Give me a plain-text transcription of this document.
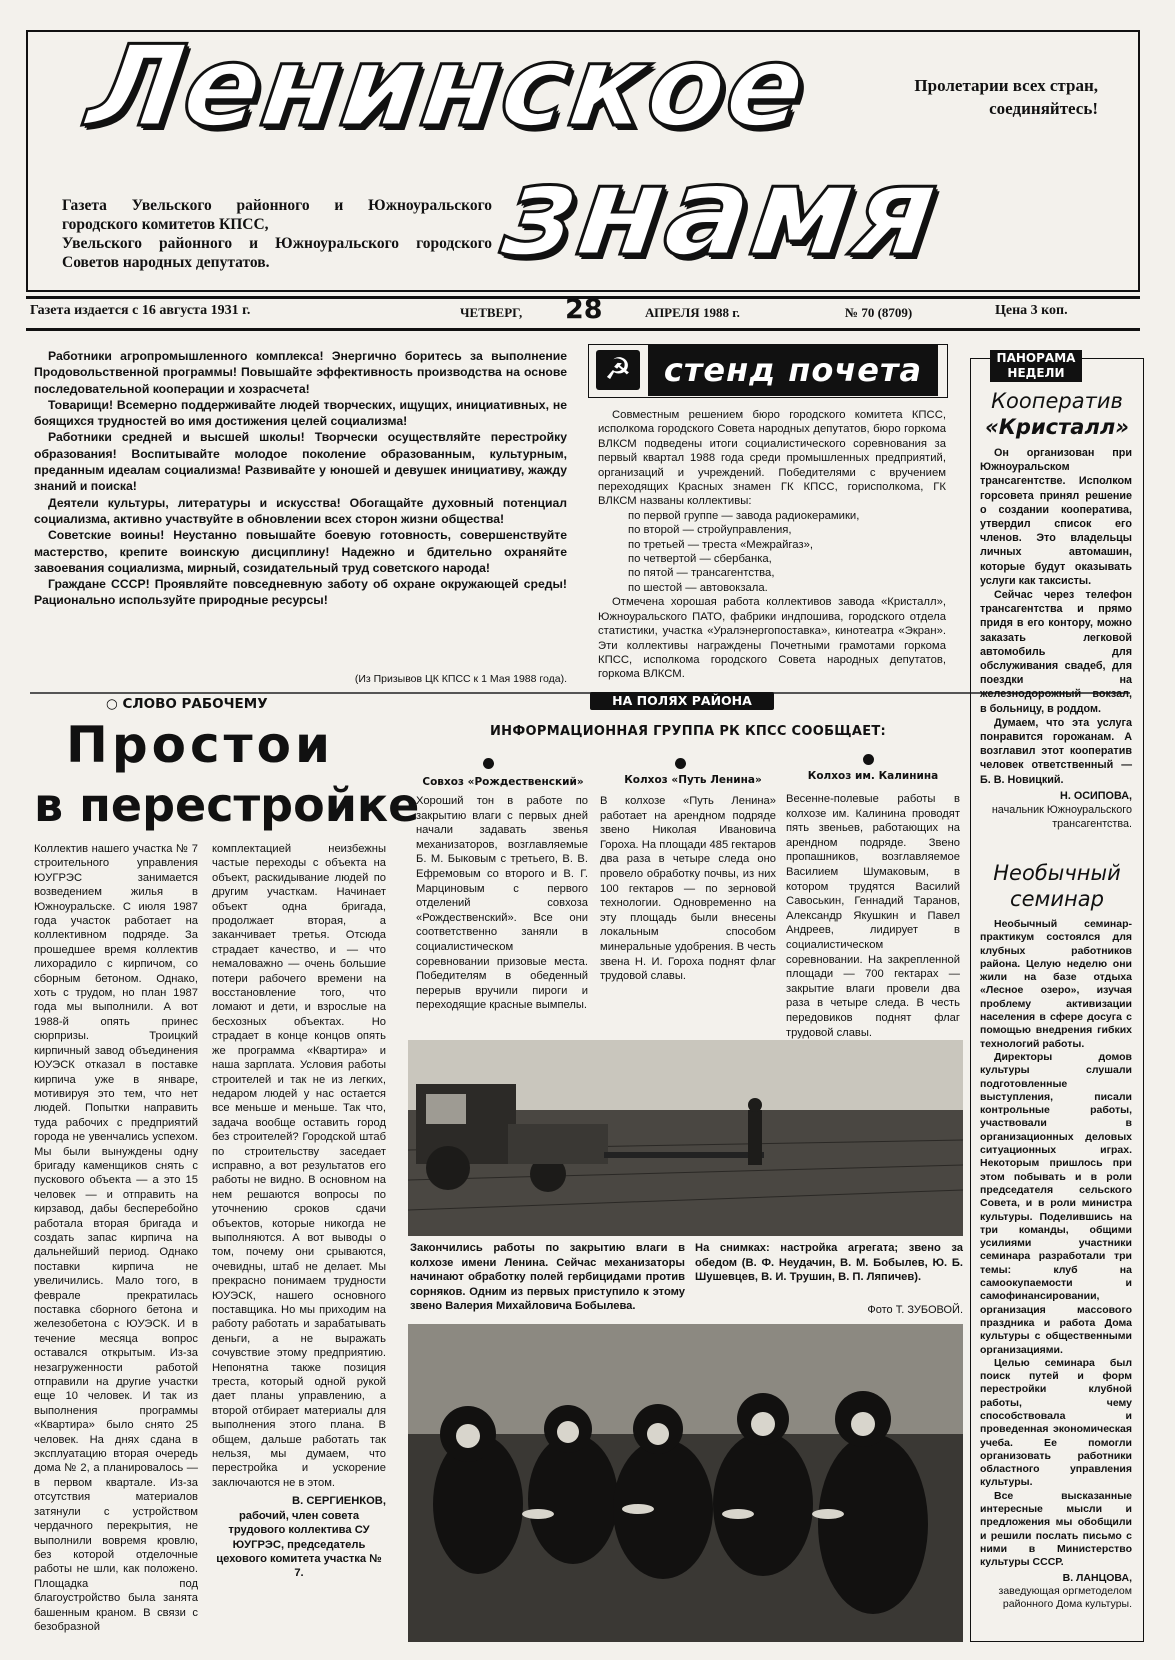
Ленинское
знамя
Пролетарии всех стран,
соединяйтесь!
Газета Увельского районного и Южноуральского
городского комитетов КПСС,
Увельского районного и Южноуральского городского
Советов народных депутатов.
Газета издается с 16 августа 1931 г.	ЧЕТВЕРГ, 28	АПРЕЛЯ 1988 г.	№ 70 (8709)	Цена 3 коп.

Работники агропромышленного комплекса! Энергично боритесь за выполнение Продовольственной программы! Повышайте эффективность производства на основе последовательной кооперации и хозрасчета!

Товарищи! Всемерно поддерживайте людей творческих, ищущих, инициативных, не боящихся трудностей во имя достижения целей социализма!

Работники средней и высшей школы! Творчески осуществляйте перестройку образования! Воспитывайте молодое поколение образованным, культурным, преданным идеалам социализма! Развивайте у юношей и девушек инициативу, жажду знаний и поиска!

Деятели культуры, литературы и искусства! Обогащайте духовный потенциал социализма, активно участвуйте в обновлении всех сторон жизни общества!

Советские воины! Неустанно повышайте боевую готовность, совершенствуйте мастерство, крепите воинскую дисциплину! Надежно и бдительно охраняйте завоевания социализма, мирный, созидательный труд советского народа!

Граждане СССР! Проявляйте повседневную заботу об охране окружающей среды! Рационально используйте природные ресурсы!

(Из Призывов ЦК КПСС к 1 Мая 1988 года).
☭	стенд почета

Совместным решением бюро городского комитета КПСС, исполкома городского Совета народных депутатов, бюро горкома ВЛКСМ подведены итоги социалистического соревнования за первый квартал 1988 года среди промышленных предприятий, организаций и учреждений. Победителями с вручением переходящих Красных знамен ГК КПСС, горисполкома, ГК ВЛКСМ названы коллективы:

по первой группе — завода радиокерамики,
по второй — стройуправления,
по третьей — треста «Межрайгаз»,
по четвертой — сбербанка,
по пятой — трансагентства,
по шестой — автовокзала.

Отмечена хорошая работа коллективов завода «Кристалл», Южноуральского ПАТО, фабрики индпошива, городского отдела статистики, участка «Уралэнергопоставка», кинотеатра «Экран». Эти коллективы награждены Почетными грамотами горкома КПСС, исполкома городского Совета народных депутатов, горкома ВЛКСМ.

ПАНОРАМА
НЕДЕЛИ
Кооператив
«Кристалл»

Он организован при Южноуральском трансагентстве. Исполком горсовета принял решение о создании кооператива, утвердил список его членов. Это владельцы личных автомашин, которые будут оказывать услуги как таксисты.

Сейчас через телефон трансагентства и прямо придя в его контору, можно заказать легковой автомобиль для обслуживания свадеб, для поездки на железнодорожный вокзал, в больницу, в роддом.

Думаем, что эта услуга понравится горожанам. А возглавил этот кооператив человек ответственный — Б. В. Новицкий.

Н. ОСИПОВА,
начальник Южноуральского трансагентства.
Необычный
семинар

Необычный семинар-практикум состоялся для клубных работников района. Целую неделю они жили на базе отдыха «Лесное озеро», изучая проблему активизации населения в сфере досуга с помощью внедрения гибких технологий работы.

Директоры домов культуры слушали подготовленные выступления, писали контрольные работы, участвовали в организационных деловых ситуационных играх. Некоторым пришлось при этом побывать и в роли председателя сельского Совета, и в роли министра культуры. Поделившись на три команды, общими усилиями участники семинара разработали три темы: клуб на самоокупаемости и самофинансировании, организация массового праздника и работа Дома культуры с общественными организациями.

Целью семинара был поиск путей и форм перестройки клубной работы, чему способствовала и проведенная экономическая учеба. Ее помогли организовать работники областного управления культуры.

Все высказанные интересные мысли и предложения мы обобщили и решили послать письмо с ними в Министерство культуры СССР.

В. ЛАНЦОВА,
заведующая оргметоделом районного Дома культуры.
○ СЛОВО РАБОЧЕМУ
Простои
в перестройке
Коллектив нашего участка № 7 строительного управления ЮУГРЭС занимается возведением жилья в Южноуральске. С июля 1987 года участок работает на коллективном подряде. За прошедшее время коллектив лихорадило с кирпичом, со сборным бетоном. Однако, хоть с трудом, но план 1987 года мы выполнили. А вот 1988-й опять принес сюрпризы. Троицкий кирпичный завод объединения ЮУЭСК отказал в поставке кирпича уже в январе, мотивируя это тем, что нет людей. Попытки направить туда рабочих с предприятий города не увенчались успехом. Мы были вынуждены одну бригаду каменщиков снять с пускового объекта — а это 15 человек — и отправить на кирзавод, дабы бесперебойно работала вторая бригада и создать запас кирпича на дальнейший период. Однако поставки кирпича не увеличились. Мало того, в феврале прекратилась поставка сборного бетона и железобетона с ЮУЭСК. И в течение месяца вопрос оставался открытым. Из-за незагруженности работой отправили на другие участки еще 10 человек. И так из выполнения программы «Квартира» было снято 25 человек. На днях сдана в эксплуатацию вторая очередь дома № 2, а планировалось — в первом квартале. Из-за отсутствия материалов затянули с устройством чердачного перекрытия, не выполнили вовремя кровлю, без которой отделочные работы не шли, как положено. Площадка под благоустройство была занята башенным краном. В связи с безобразной
комплектацией неизбежны частые переходы с объекта на объект, раскидывание людей по другим участкам. Начинает объект одна бригада, продолжает вторая, а заканчивает третья. Отсюда страдает качество, и — что немаловажно — очень большие потери рабочего времени на восстановление того, что ломают и дети, и взрослые на бесхозных объектах. Но страдает в конце концов опять же программа «Квартира» и наша зарплата. Условия работы строителей и так не из легких, недаром людей у нас остается все меньше и меньше. Так что, задача вообще оставить город без строителей? Городской штаб по строительству заседает исправно, а вот результатов его работы не видно. В основном на нем решаются вопросы по уточнению сроков сдачи объектов, которые никогда не выполняются. А вот выводы о том, почему они срываются, очевидны, штаб не делает. Мы прекрасно понимаем трудности ЮУЭСК, нашего основного поставщика. Но мы приходим на работу работать и зарабатывать деньги, а не выражать сочувствие этому предприятию. Непонятна также позиция треста, который одной рукой дает планы управлению, а второй отбирает материалы для выполнения этого плана. В общем, дальше работать так нельзя, мы думаем, что перестройка и ускорение заключаются не в этом.
В. СЕРГИЕНКОВ,
рабочий, член совета трудового коллектива СУ ЮУГРЭС, председатель цехового комитета участка № 7.
НА ПОЛЯХ РАЙОНА
ИНФОРМАЦИОННАЯ ГРУППА РК КПСС СООБЩАЕТ:
Совхоз «Рождественский»	Колхоз «Путь Ленина»	Колхоз им. Калинина
Хороший тон в работе по закрытию влаги с первых дней начали задавать звенья механизаторов, возглавляемые Б. М. Быковым с третьего, В. В. Ефремовым со второго и В. Г. Марциновым с первого отделений совхоза «Рождественский». Все они соответственно заняли в социалистическом соревновании призовые места. Победителям в обеденный перерыв вручили пироги и переходящие красные вымпелы.
В колхозе «Путь Ленина» работает на арендном подряде звено Николая Ивановича Гороха. На площади 485 гектаров два раза в четыре следа оно провело обработку почвы, из них 100 гектаров — по зерновой технологии. Одновременно на эту площадь были внесены локальным способом минеральные удобрения. В честь звена Н. И. Гороха поднят флаг трудовой славы.
Весенне-полевые работы в колхозе им. Калинина проводят пять звеньев, работающих на арендном подряде. Звено пропашников, возглавляемое Василием Шумаковым, в котором трудятся Василий Савоськин, Геннадий Таранов, Александр Якушкин и Павел Андреев, лидирует в социалистическом соревновании. На закрепленной площади — 700 гектарах — закрытие влаги провели два раза в четыре следа. В честь передовиков поднят флаг трудовой славы.
Закончились работы по закрытию влаги в колхозе имени Ленина. Сейчас механизаторы начинают обработку полей гербицидами против сорняков. Одним из первых приступило к этому звено Валерия Михайловича Бобылева.
На снимках: настройка агрегата; звено за обедом (В. Ф. Неудачин, В. М. Бобылев, Ю. Б. Шушевцев, В. И. Трушин, В. П. Ляпичев).
Фото Т. ЗУБОВОЙ.
